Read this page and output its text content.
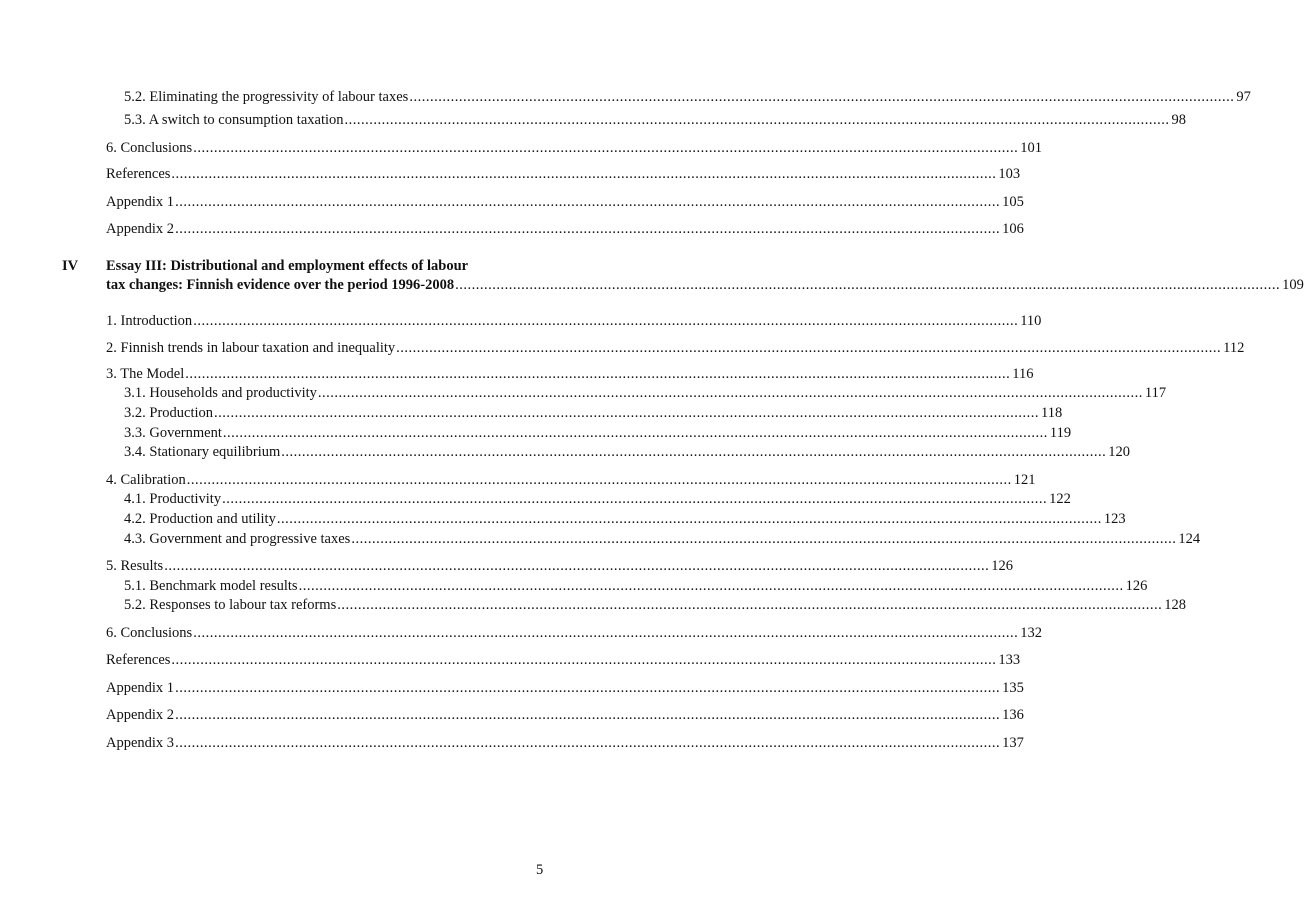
5.2. Eliminating the progressivity of labour taxes ........................................................................................................................................................................................................ 97
5.3. A switch to consumption taxation ........................................................................................................................................................................................................ 98
6. Conclusions ........................................................................................................................................................................................................ 101
References ........................................................................................................................................................................................................ 103
Appendix 1 ........................................................................................................................................................................................................ 105
Appendix 2 ........................................................................................................................................................................................................ 106
IV Essay III: Distributional and employment effects of labour
tax changes: Finnish evidence over the period 1996-2008 ........................................................................................................................................................................................................ 109
1. Introduction ........................................................................................................................................................................................................ 110
2. Finnish trends in labour taxation and inequality ........................................................................................................................................................................................................ 112
3. The Model ........................................................................................................................................................................................................ 116
3.1. Households and productivity ........................................................................................................................................................................................................ 117
3.2. Production ........................................................................................................................................................................................................ 118
3.3. Government ........................................................................................................................................................................................................ 119
3.4. Stationary equilibrium ........................................................................................................................................................................................................ 120
4. Calibration ........................................................................................................................................................................................................ 121
4.1. Productivity ........................................................................................................................................................................................................ 122
4.2. Production and utility ........................................................................................................................................................................................................ 123
4.3. Government and progressive taxes ........................................................................................................................................................................................................ 124
5. Results ........................................................................................................................................................................................................ 126
5.1. Benchmark model results ........................................................................................................................................................................................................ 126
5.2. Responses to labour tax reforms ........................................................................................................................................................................................................ 128
6. Conclusions ........................................................................................................................................................................................................ 132
References ........................................................................................................................................................................................................ 133
Appendix 1 ........................................................................................................................................................................................................ 135
Appendix 2 ........................................................................................................................................................................................................ 136
Appendix 3 ........................................................................................................................................................................................................ 137
5
